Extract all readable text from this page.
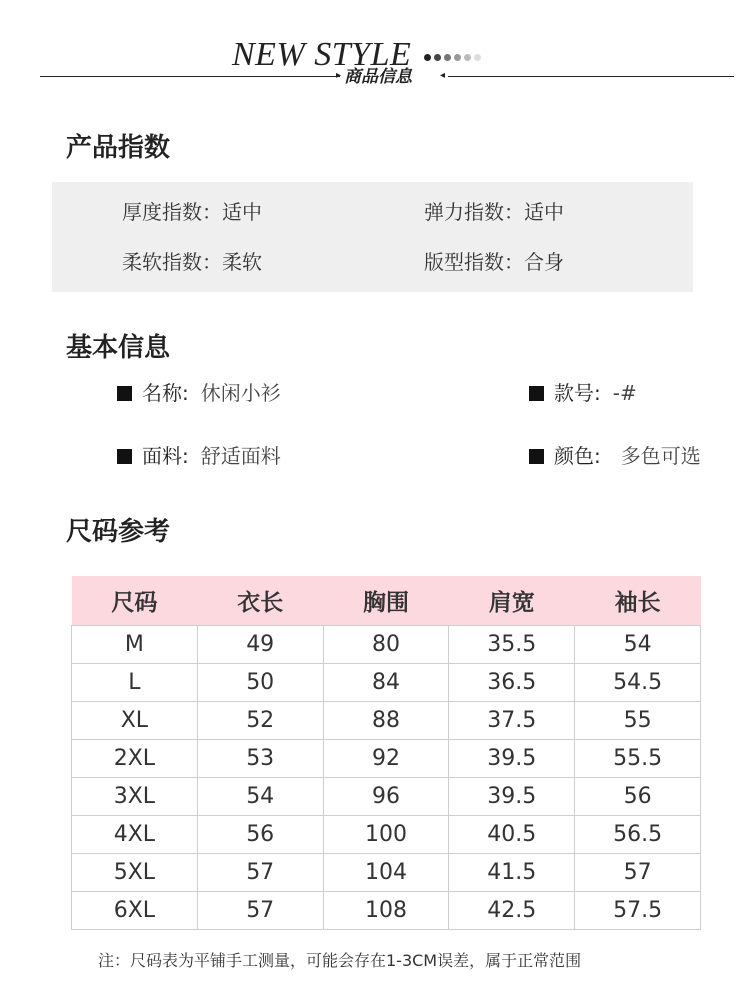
▸	◂
NEW STYLE
商品信息
产品指数
厚度指数：适中	弹力指数：适中
柔软指数：柔软	版型指数：合身
基本信息
名称: 休闲小衫	款号: -#
面料: 舒适面料	颜色: 多色可选
尺码参考
尺码	衣长	胸围	肩宽	袖长
M	49	80	35.5	54
L	50	84	36.5	54.5
XL	52	88	37.5	55
2XL	53	92	39.5	55.5
3XL	54	96	39.5	56
4XL	56	100	40.5	56.5
5XL	57	104	41.5	57
6XL	57	108	42.5	57.5
注：尺码表为平铺手工测量，可能会存在1-3CM误差，属于正常范围
